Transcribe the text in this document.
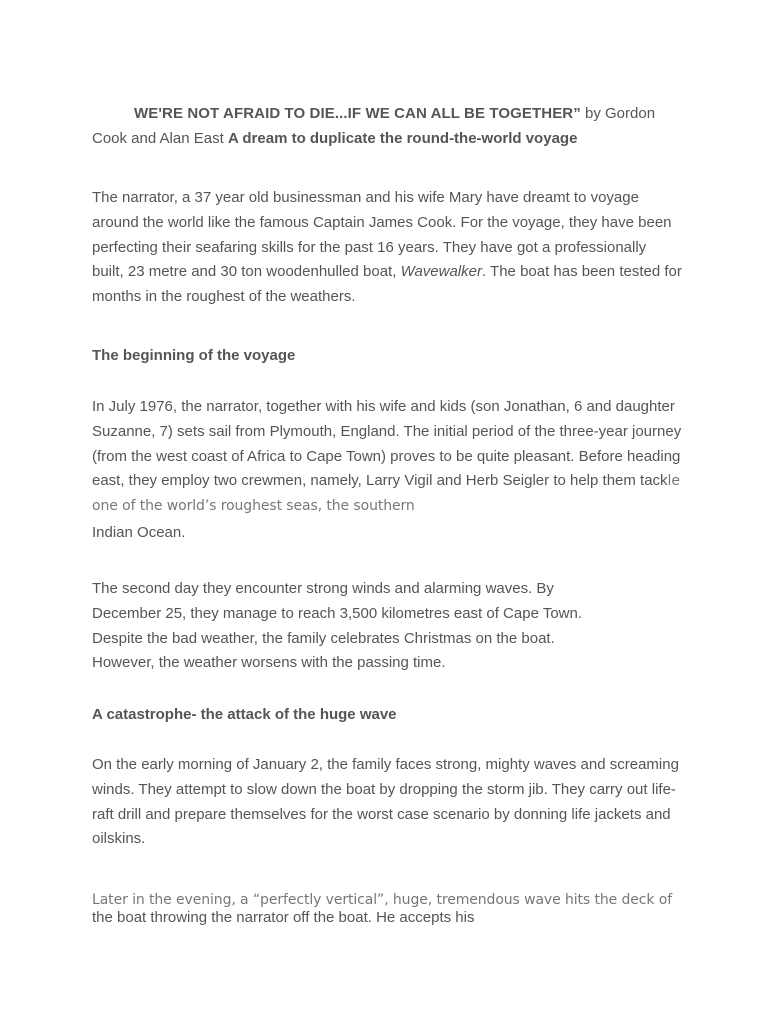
WE'RE NOT AFRAID TO DIE...IF WE CAN ALL BE TOGETHER” by Gordon Cook and Alan East A dream to duplicate the round-the-world voyage

The narrator, a 37 year old businessman and his wife Mary have dreamt to voyage around the world like the famous Captain James Cook. For the voyage, they have been perfecting their seafaring skills for the past 16 years. They have got a professionally built, 23 metre and 30 ton woodenhulled boat, Wavewalker. The boat has been tested for months in the roughest of the weathers.

The beginning of the voyage

In July 1976, the narrator, together with his wife and kids (son Jonathan, 6 and daughter Suzanne, 7) sets sail from Plymouth, England. The initial period of the three-year journey (from the west coast of Africa to Cape Town) proves to be quite pleasant. Before heading east, they employ two crewmen, namely, Larry Vigil and Herb Seigler to help them tackle one of the world’s roughest seas, the southern
Indian Ocean.
The second day they encounter strong winds and alarming waves. By
December 25, they manage to reach 3,500 kilometres east of Cape Town.
Despite the bad weather, the family celebrates Christmas on the boat.
However, the weather worsens with the passing time.

A catastrophe- the attack of the huge wave

On the early morning of January 2, the family faces strong, mighty waves and screaming winds. They attempt to slow down the boat by dropping the storm jib. They carry out life-raft drill and prepare themselves for the worst case scenario by donning life jackets and oilskins.

Later in the evening, a “perfectly vertical”, huge, tremendous wave hits the deck of
the boat throwing the narrator off the boat. He accepts his
